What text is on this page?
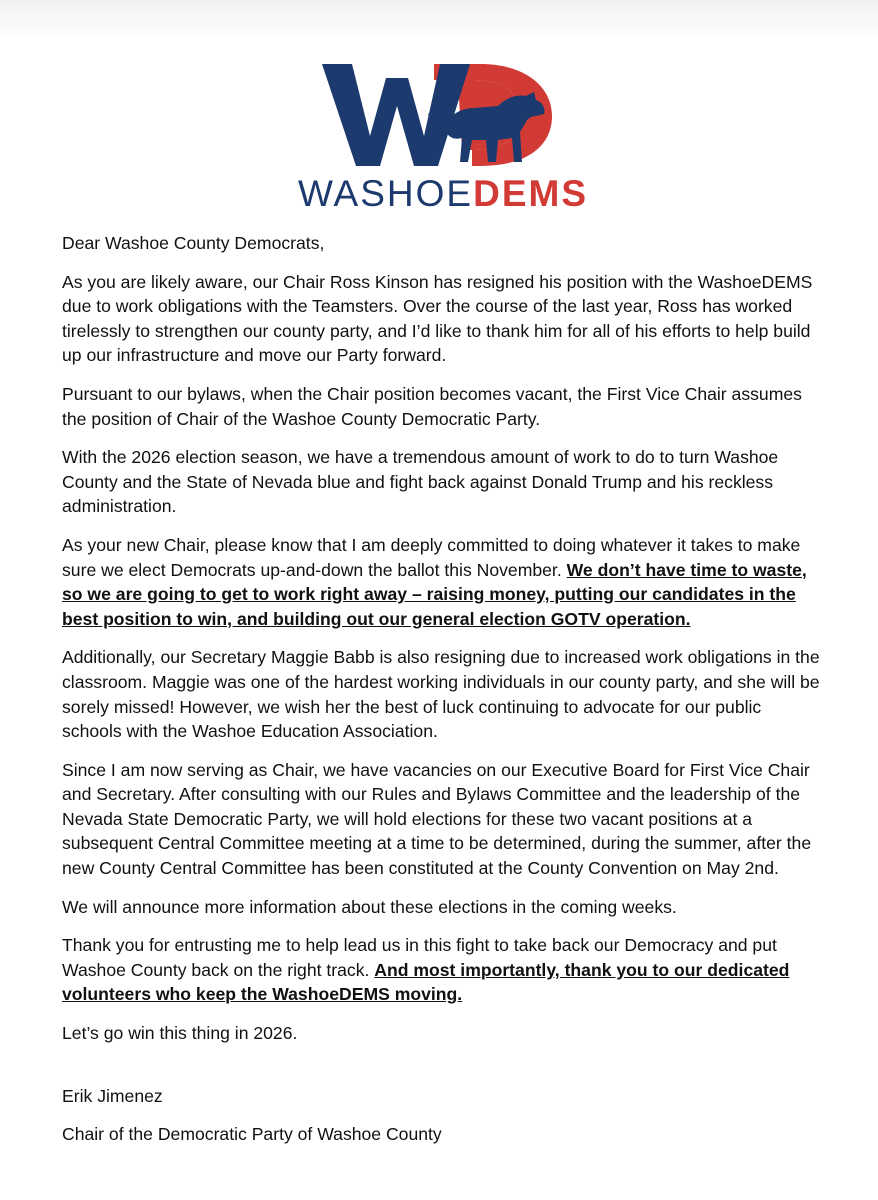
WASHOEDEMS

Dear Washoe County Democrats,

As you are likely aware, our Chair Ross Kinson has resigned his position with the WashoeDEMS due to work obligations with the Teamsters. Over the course of the last year, Ross has worked tirelessly to strengthen our county party, and I’d like to thank him for all of his efforts to help build up our infrastructure and move our Party forward.

Pursuant to our bylaws, when the Chair position becomes vacant, the First Vice Chair assumes the position of Chair of the Washoe County Democratic Party.

With the 2026 election season, we have a tremendous amount of work to do to turn Washoe County and the State of Nevada blue and fight back against Donald Trump and his reckless administration.

As your new Chair, please know that I am deeply committed to doing whatever it takes to make sure we elect Democrats up-and-down the ballot this November. We don’t have time to waste, so we are going to get to work right away – raising money, putting our candidates in the best position to win, and building out our general election GOTV operation.

Additionally, our Secretary Maggie Babb is also resigning due to increased work obligations in the classroom. Maggie was one of the hardest working individuals in our county party, and she will be sorely missed! However, we wish her the best of luck continuing to advocate for our public schools with the Washoe Education Association.

Since I am now serving as Chair, we have vacancies on our Executive Board for First Vice Chair and Secretary. After consulting with our Rules and Bylaws Committee and the leadership of the Nevada State Democratic Party, we will hold elections for these two vacant positions at a subsequent Central Committee meeting at a time to be determined, during the summer, after the new County Central Committee has been constituted at the County Convention on May 2nd.

We will announce more information about these elections in the coming weeks.

Thank you for entrusting me to help lead us in this fight to take back our Democracy and put Washoe County back on the right track. And most importantly, thank you to our dedicated volunteers who keep the WashoeDEMS moving.

Let’s go win this thing in 2026.

Erik Jimenez

Chair of the Democratic Party of Washoe County
